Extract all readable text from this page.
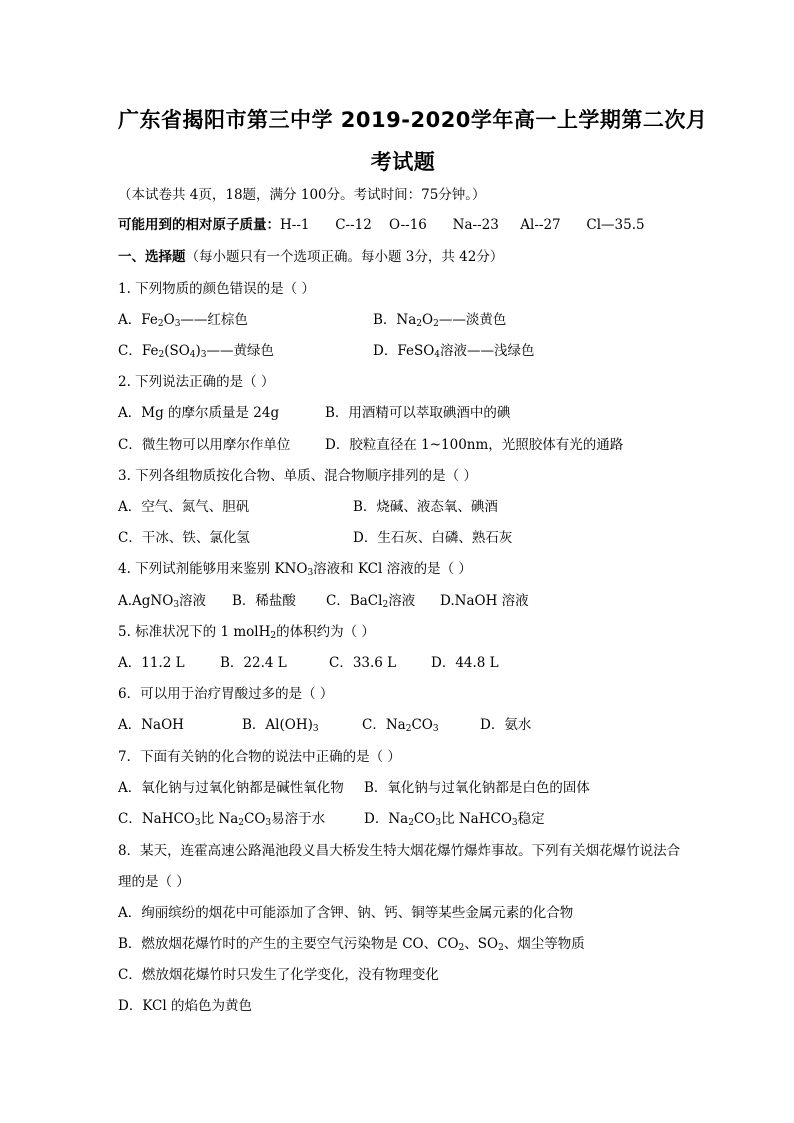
广东省揭阳市第三中学 2019-2020学年高一上学期第二次月
考试题
（本试卷共 4页，18题，满分 100分。考试时间：75分钟。）
可能用到的相对原子质量：H--1      C--12    O--16      Na--23     Al--27      Cl—35.5
一、选择题（每小题只有一个选项正确。每小题 3分，共 42分）
1. 下列物质的颜色错误的是（ ）
A．$Fe_2O_3——$红棕色	B．$Na_2O_2——$淡黄色
C．$Fe_2(SO_4)_3——$黄绿色	D．FeSO$_4$溶液——浅绿色
2. 下列说法正确的是（ ）
A．Mg 的摩尔质量是 24g	B．用酒精可以萃取碘酒中的碘
C．微生物可以用摩尔作单位	D．胶粒直径在 1~100nm，光照胶体有光的通路
3. 下列各组物质按化合物、单质、混合物顺序排列的是（ ）
A．空气、氮气、胆矾	B．烧碱、液态氧、碘酒
C．干冰、铁、氯化氢	D．生石灰、白磷、熟石灰
4. 下列试剂能够用来鉴别 $KNO_3$溶液和 KCl 溶液的是（ ）
A.AgNO$_3$溶液 B．稀盐酸 C．BaCl$_2$溶液 D.NaOH 溶液
5. 标准状况下的 1 molH$_2$的体积约为（ ）
A．11.2 L	B．22.4 L	C．33.6 L	D．44.8 L
6．可以用于治疗胃酸过多的是（ ）
A．NaOH	B．$Al(OH)_3$	C．$Na_2CO_3$	D．氨水
7．下面有关钠的化合物的说法中正确的是（ ）
A．氧化钠与过氧化钠都是碱性氧化物 B．氧化钠与过氧化钠都是白色的固体
C．NaHCO$_3$比 $Na_2CO_3$易溶于水	D．$Na_2CO_3$比 NaHCO$_3$稳定
8．某天，连霍高速公路渑池段义昌大桥发生特大烟花爆竹爆炸事故。下列有关烟花爆竹说法合理的是（ ）
A．绚丽缤纷的烟花中可能添加了含钾、钠、钙、铜等某些金属元素的化合物
B．燃放烟花爆竹时的产生的主要空气污染物是 CO、$CO_2$、$SO_2$、烟尘等物质
C．燃放烟花爆竹时只发生了化学变化，没有物理变化
D．KCl 的焰色为黄色
